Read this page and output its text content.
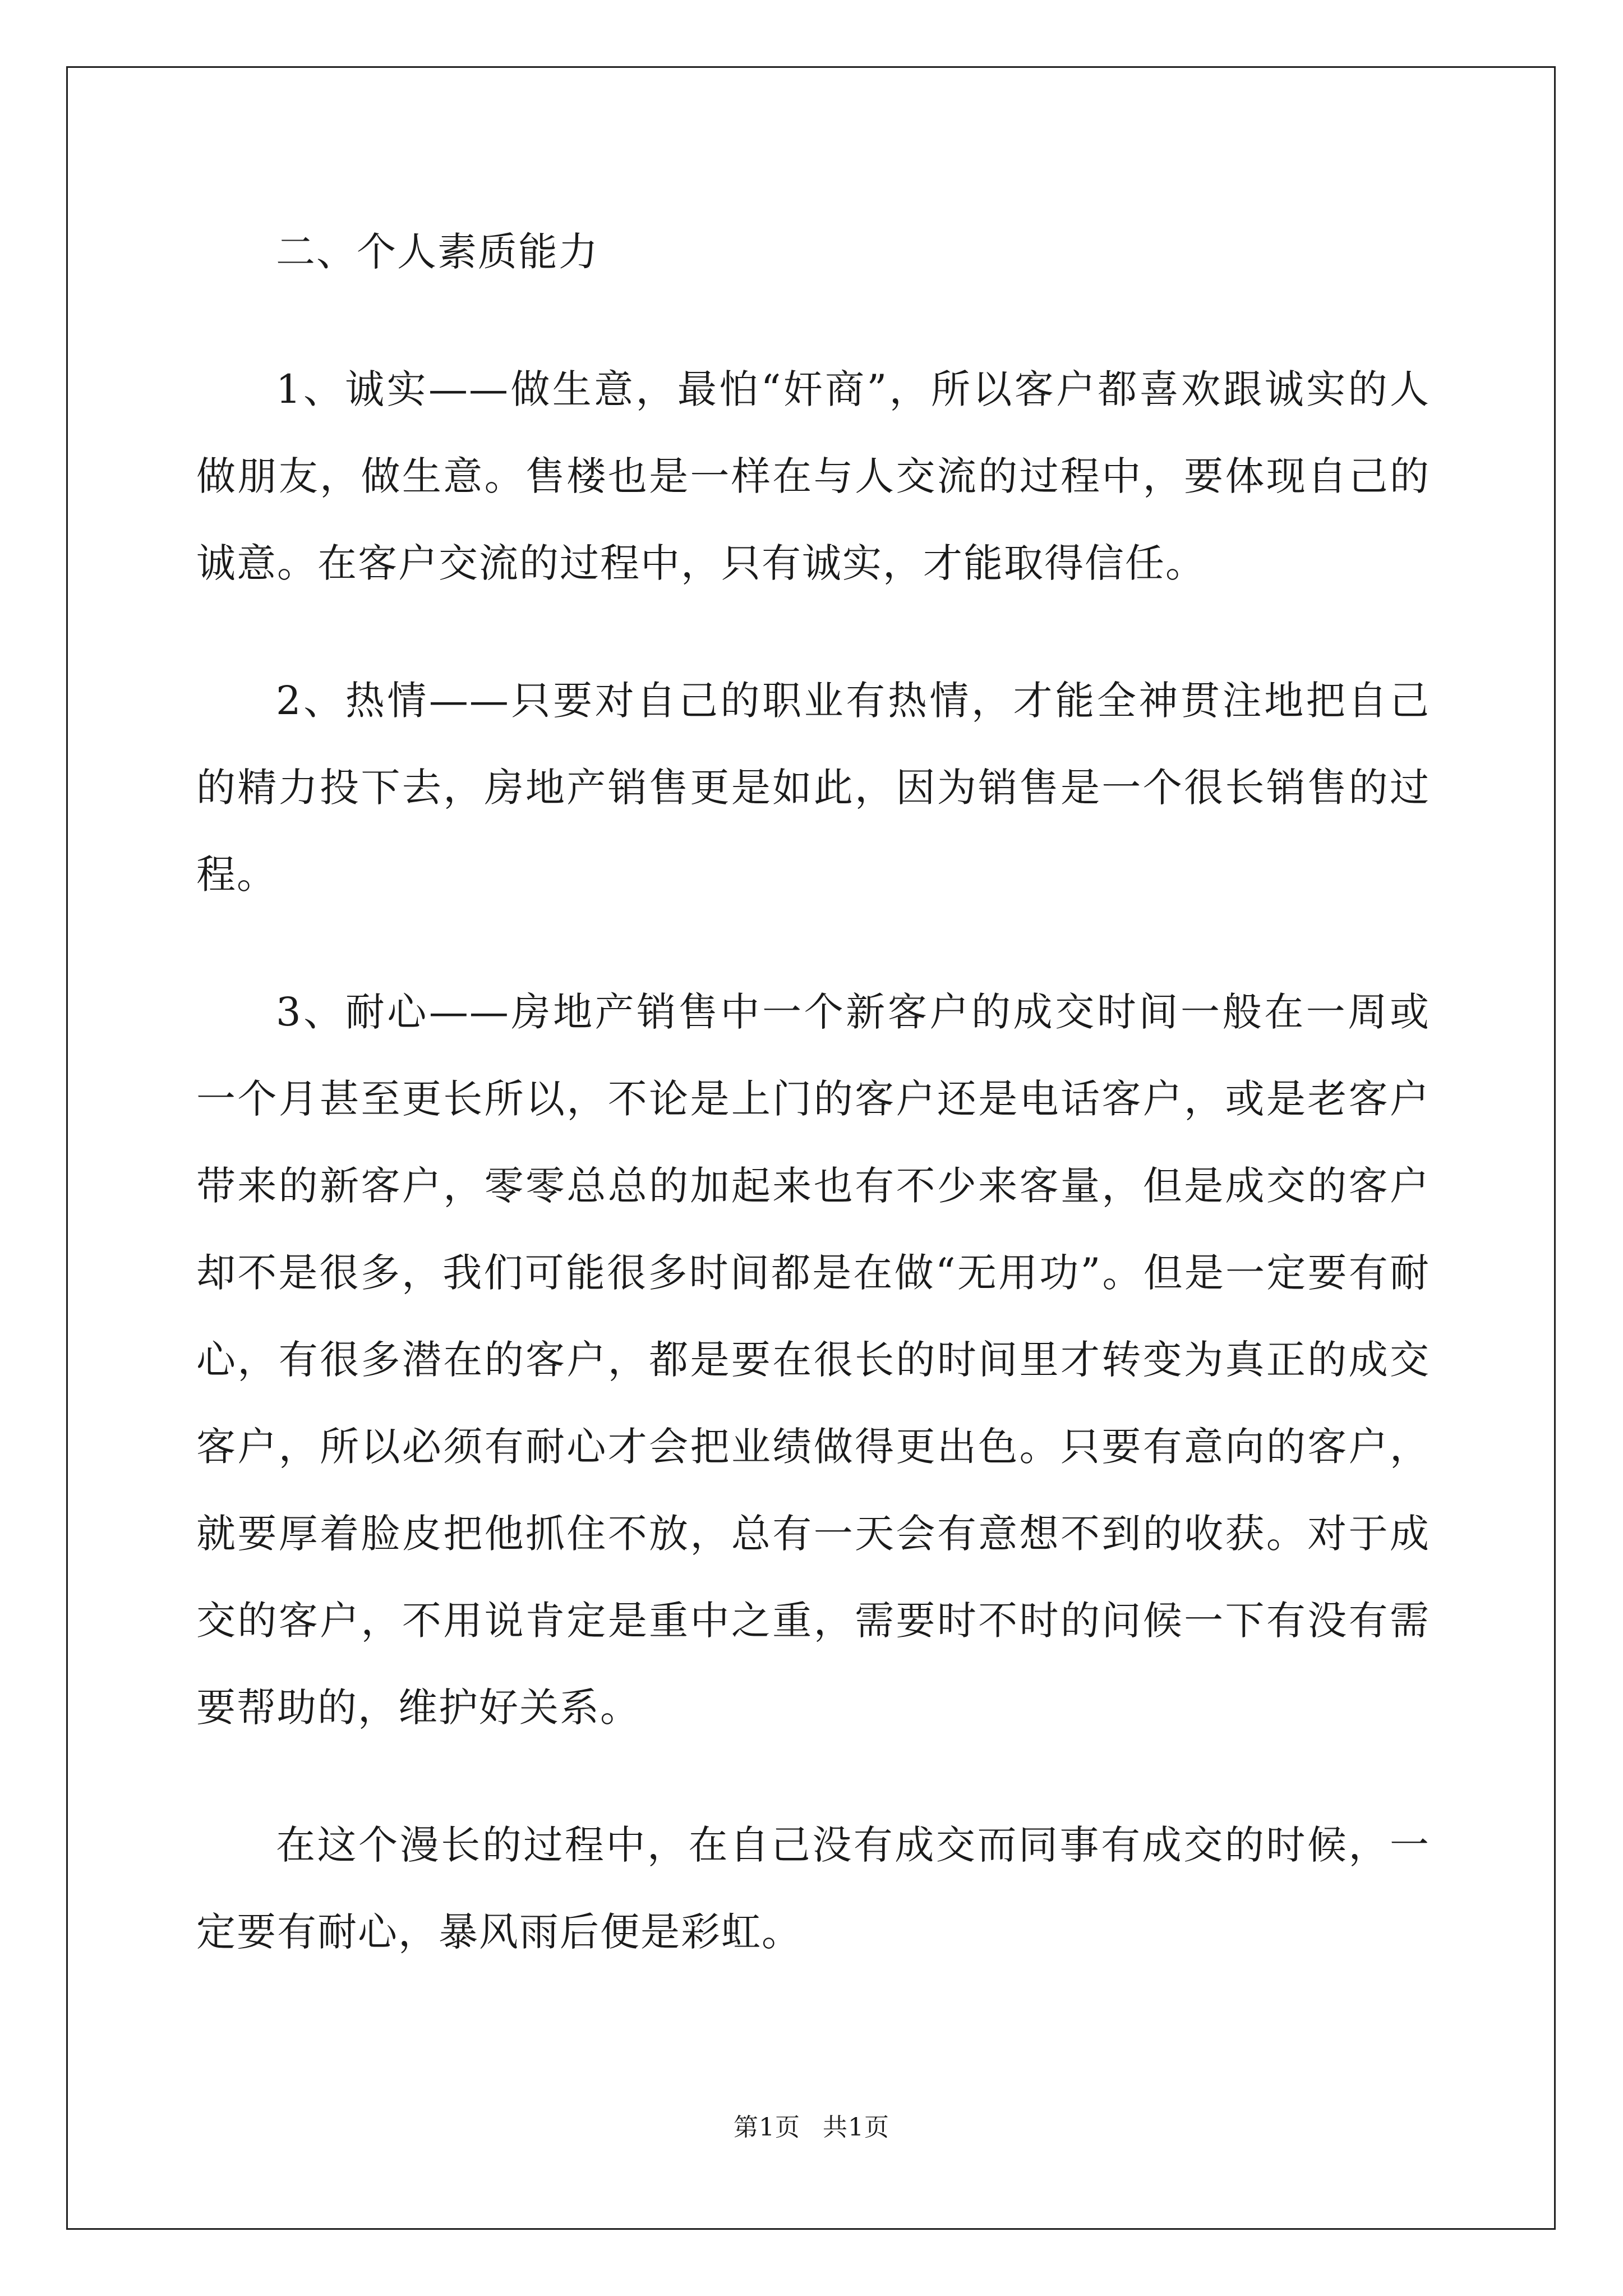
二、个人素质能力

1、诚实——做生意，最怕“奸商”，所以客户都喜欢跟诚实的人做朋友，做生意。售楼也是一样在与人交流的过程中，要体现自己的诚意。在客户交流的过程中，只有诚实，才能取得信任。

2、热情——只要对自己的职业有热情，才能全神贯注地把自己的精力投下去，房地产销售更是如此，因为销售是一个很长销售的过程。

3、耐心——房地产销售中一个新客户的成交时间一般在一周或一个月甚至更长所以，不论是上门的客户还是电话客户，或是老客户带来的新客户，零零总总的加起来也有不少来客量，但是成交的客户却不是很多，我们可能很多时间都是在做“无用功”。但是一定要有耐心，有很多潜在的客户，都是要在很长的时间里才转变为真正的成交客户，所以必须有耐心才会把业绩做得更出色。只要有意向的客户，就要厚着脸皮把他抓住不放，总有一天会有意想不到的收获。对于成交的客户，不用说肯定是重中之重，需要时不时的问候一下有没有需要帮助的，维护好关系。

在这个漫长的过程中，在自己没有成交而同事有成交的时候，一定要有耐心，暴风雨后便是彩虹。

第1页 共1页
